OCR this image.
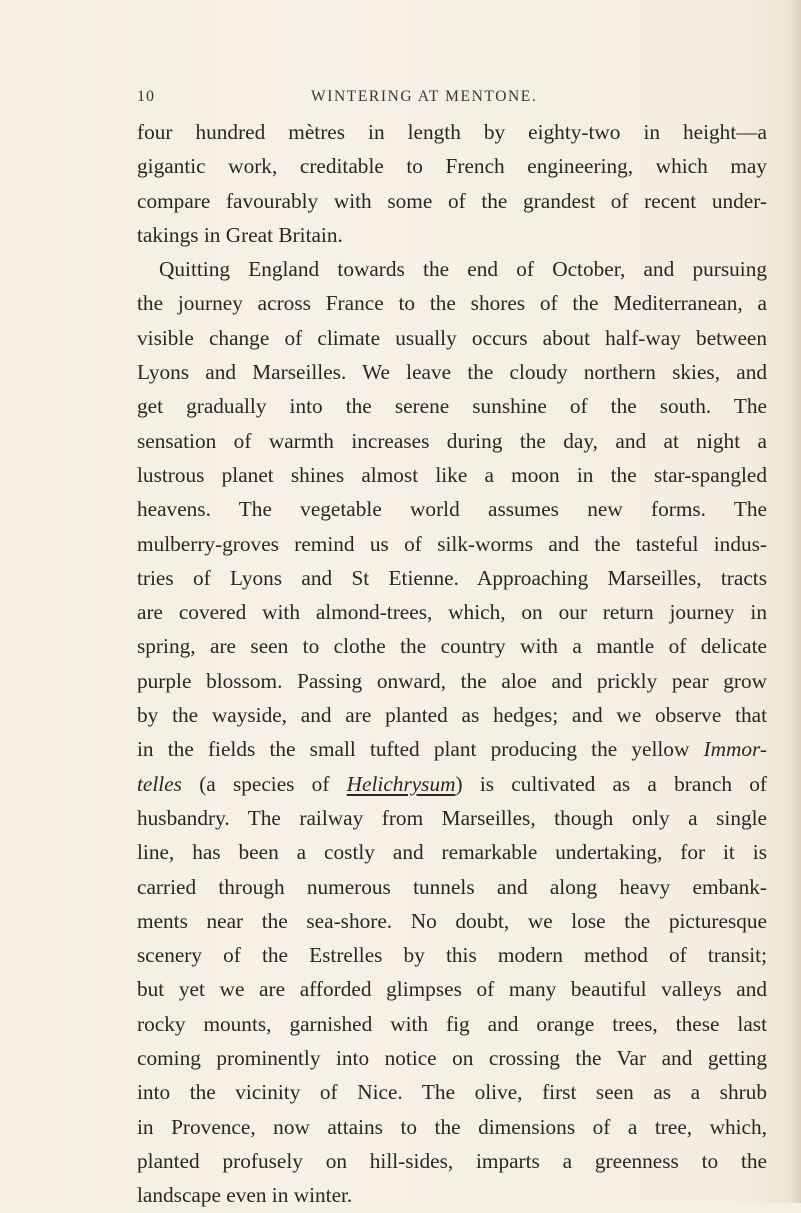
10	WINTERING AT MENTONE.
four hundred mètres in length by eighty-two in height—a
gigantic work, creditable to French engineering, which may
compare favourably with some of the grandest of recent under-
takings in Great Britain.
Quitting England towards the end of October, and pursuing
the journey across France to the shores of the Mediterranean, a
visible change of climate usually occurs about half-way between
Lyons and Marseilles. We leave the cloudy northern skies, and
get gradually into the serene sunshine of the south. The
sensation of warmth increases during the day, and at night a
lustrous planet shines almost like a moon in the star-spangled
heavens. The vegetable world assumes new forms. The
mulberry-groves remind us of silk-worms and the tasteful indus-
tries of Lyons and St Etienne. Approaching Marseilles, tracts
are covered with almond-trees, which, on our return journey in
spring, are seen to clothe the country with a mantle of delicate
purple blossom. Passing onward, the aloe and prickly pear grow
by the wayside, and are planted as hedges; and we observe that
in the fields the small tufted plant producing the yellow Immor-
telles (a species of Helichrysum) is cultivated as a branch of
husbandry. The railway from Marseilles, though only a single
line, has been a costly and remarkable undertaking, for it is
carried through numerous tunnels and along heavy embank-
ments near the sea-shore. No doubt, we lose the picturesque
scenery of the Estrelles by this modern method of transit;
but yet we are afforded glimpses of many beautiful valleys and
rocky mounts, garnished with fig and orange trees, these last
coming prominently into notice on crossing the Var and getting
into the vicinity of Nice. The olive, first seen as a shrub
in Provence, now attains to the dimensions of a tree, which,
planted profusely on hill-sides, imparts a greenness to the
landscape even in winter.
